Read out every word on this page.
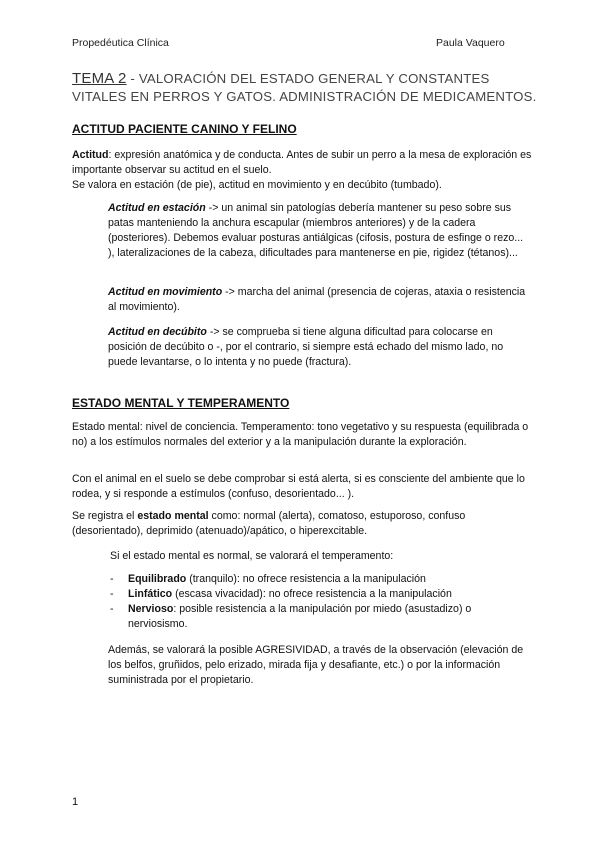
Propedéutica Clínica	Paula Vaquero
TEMA 2 - VALORACIÓN DEL ESTADO GENERAL Y CONSTANTES VITALES EN PERROS Y GATOS. ADMINISTRACIÓN DE MEDICAMENTOS.
ACTITUD PACIENTE CANINO Y FELINO
Actitud: expresión anatómica y de conducta. Antes de subir un perro a la mesa de exploración es importante observar su actitud en el suelo.
Se valora en estación (de pie), actitud en movimiento y en decúbito (tumbado).
Actitud en estación -> un animal sin patologías debería mantener su peso sobre sus patas manteniendo la anchura escapular (miembros anteriores) y de la cadera (posteriores). Debemos evaluar posturas antiálgicas (cifosis, postura de esfinge o rezo... ), lateralizaciones de la cabeza, dificultades para mantenerse en pie, rigidez (tétanos)...
Actitud en movimiento -> marcha del animal (presencia de cojeras, ataxia o resistencia al movimiento).
Actitud en decúbito -> se comprueba si tiene alguna dificultad para colocarse en posición de decúbito o -, por el contrario, si siempre está echado del mismo lado, no puede levantarse, o lo intenta y no puede (fractura).
ESTADO MENTAL Y TEMPERAMENTO
Estado mental: nivel de conciencia. Temperamento: tono vegetativo y su respuesta (equilibrada o no) a los estímulos normales del exterior y a la manipulación durante la exploración.
Con el animal en el suelo se debe comprobar si está alerta, si es consciente del ambiente que lo rodea, y si responde a estímulos (confuso, desorientado... ).
Se registra el estado mental como: normal (alerta), comatoso, estuporoso, confuso (desorientado), deprimido (atenuado)/apático, o hiperexcitable.
Si el estado mental es normal, se valorará el temperamento:
- Equilibrado (tranquilo): no ofrece resistencia a la manipulación
- Linfático (escasa vivacidad): no ofrece resistencia a la manipulación
- Nervioso: posible resistencia a la manipulación por miedo (asustadizo) o nerviosismo.
Además, se valorará la posible AGRESIVIDAD, a través de la observación (elevación de los belfos, gruñidos, pelo erizado, mirada fija y desafiante, etc.) o por la información suministrada por el propietario.
1
